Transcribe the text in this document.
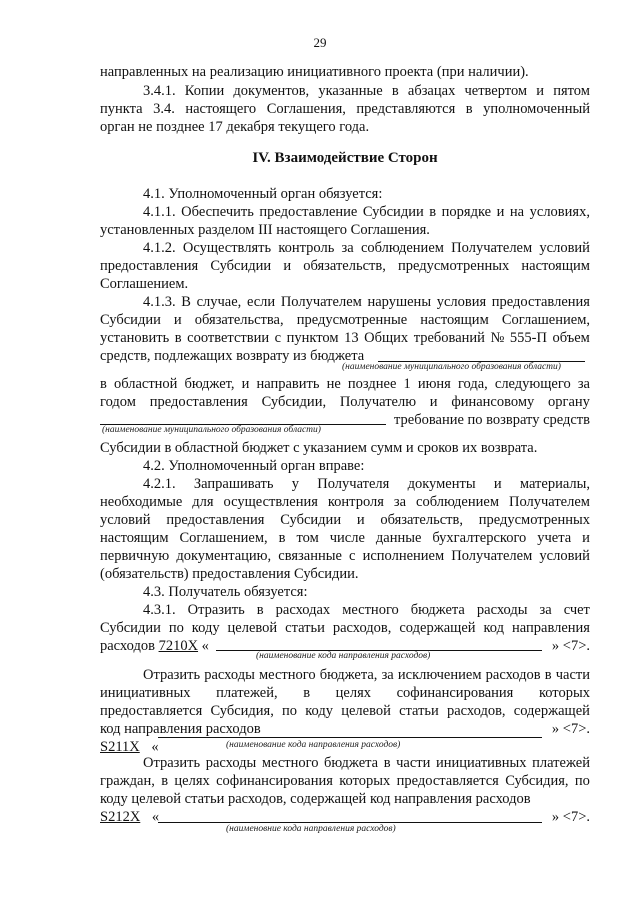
29
направленных на реализацию инициативного проекта (при наличии).
3.4.1. Копии документов, указанные в абзацах четвертом и пятом
пункта 3.4. настоящего Соглашения, представляются в уполномоченный
орган не позднее 17 декабря текущего года.
IV. Взаимодействие Сторон
4.1. Уполномоченный орган обязуется:
4.1.1. Обеспечить предоставление Субсидии в порядке и на условиях,
установленных разделом III настоящего Соглашения.
4.1.2. Осуществлять контроль за соблюдением Получателем условий
предоставления Субсидии и обязательств, предусмотренных настоящим
Соглашением.
4.1.3. В случае, если Получателем нарушены условия предоставления
Субсидии и обязательства, предусмотренные настоящим Соглашением,
установить в соответствии с пунктом 13 Общих требований № 555-П объем
средств, подлежащих возврату из бюджета
(наименование муниципального образования области)
в областной бюджет, и направить не позднее 1 июня года, следующего за
годом предоставления Субсидии, Получателю и финансовому органу
требование по возврату средств
(наименование муниципального образования области)
Субсидии в областной бюджет с указанием сумм и сроков их возврата.
4.2. Уполномоченный орган вправе:
4.2.1. Запрашивать у Получателя документы и материалы,
необходимые для осуществления контроля за соблюдением Получателем
условий предоставления Субсидии и обязательств, предусмотренных
настоящим Соглашением, в том числе данные бухгалтерского учета и
первичную документацию, связанные с исполнением Получателем условий
(обязательств) предоставления Субсидии.
4.3. Получатель обязуется:
4.3.1. Отразить в расходах местного бюджета расходы за счет
Субсидии по коду целевой статьи расходов, содержащей код направления
расходов 7210X «	» <7>.
(наименование кода направления расходов)
Отразить расходы местного бюджета, за исключением расходов в части
инициативных платежей, в целях софинансирования которых
предоставляется Субсидия, по коду целевой статьи расходов, содержащей
код направления расходов
S211X «
» <7>.
(наименование кода направления расходов)
Отразить расходы местного бюджета в части инициативных платежей
граждан, в целях софинансирования которых предоставляется Субсидия, по
коду целевой статьи расходов, содержащей код направления расходов
S212X «	» <7>.
(наименовние кода направления расходов)
